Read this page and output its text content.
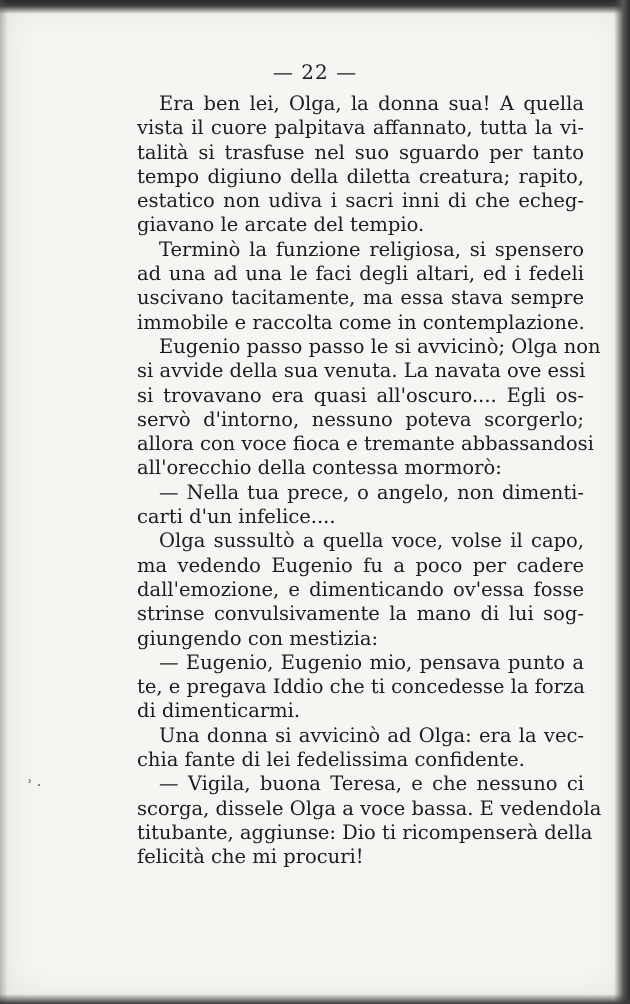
— 22 —
Era ben lei, Olga, la donna sua! A quella
vista il cuore palpitava affannato, tutta la vi-
talità si trasfuse nel suo sguardo per tanto
tempo digiuno della diletta creatura; rapito,
estatico non udiva i sacri inni di che echeg-
giavano le arcate del tempio.
Terminò la funzione religiosa, si spensero
ad una ad una le faci degli altari, ed i fedeli
uscivano tacitamente, ma essa stava sempre
immobile e raccolta come in contemplazione.
Eugenio passo passo le si avvicinò; Olga non
si avvide della sua venuta. La navata ove essi
si trovavano era quasi all'oscuro.... Egli os-
servò d'intorno, nessuno poteva scorgerlo;
allora con voce fioca e tremante abbassandosi
all'orecchio della contessa mormorò:
— Nella tua prece, o angelo, non dimenti-
carti d'un infelice....
Olga sussultò a quella voce, volse il capo,
ma vedendo Eugenio fu a poco per cadere
dall'emozione, e dimenticando ov'essa fosse
strinse convulsivamente la mano di lui sog-
giungendo con mestizia:
— Eugenio, Eugenio mio, pensava punto a
te, e pregava Iddio che ti concedesse la forza
di dimenticarmi.
Una donna si avvicinò ad Olga: era la vec-
chia fante di lei fedelissima confidente.
— Vigila, buona Teresa, e che nessuno ci
scorga, disselе Olga a voce bassa. E vedendola
titubante, aggiunse: Dio ti ricompenserà della
felicità che mi procuri!
ʾ ·
